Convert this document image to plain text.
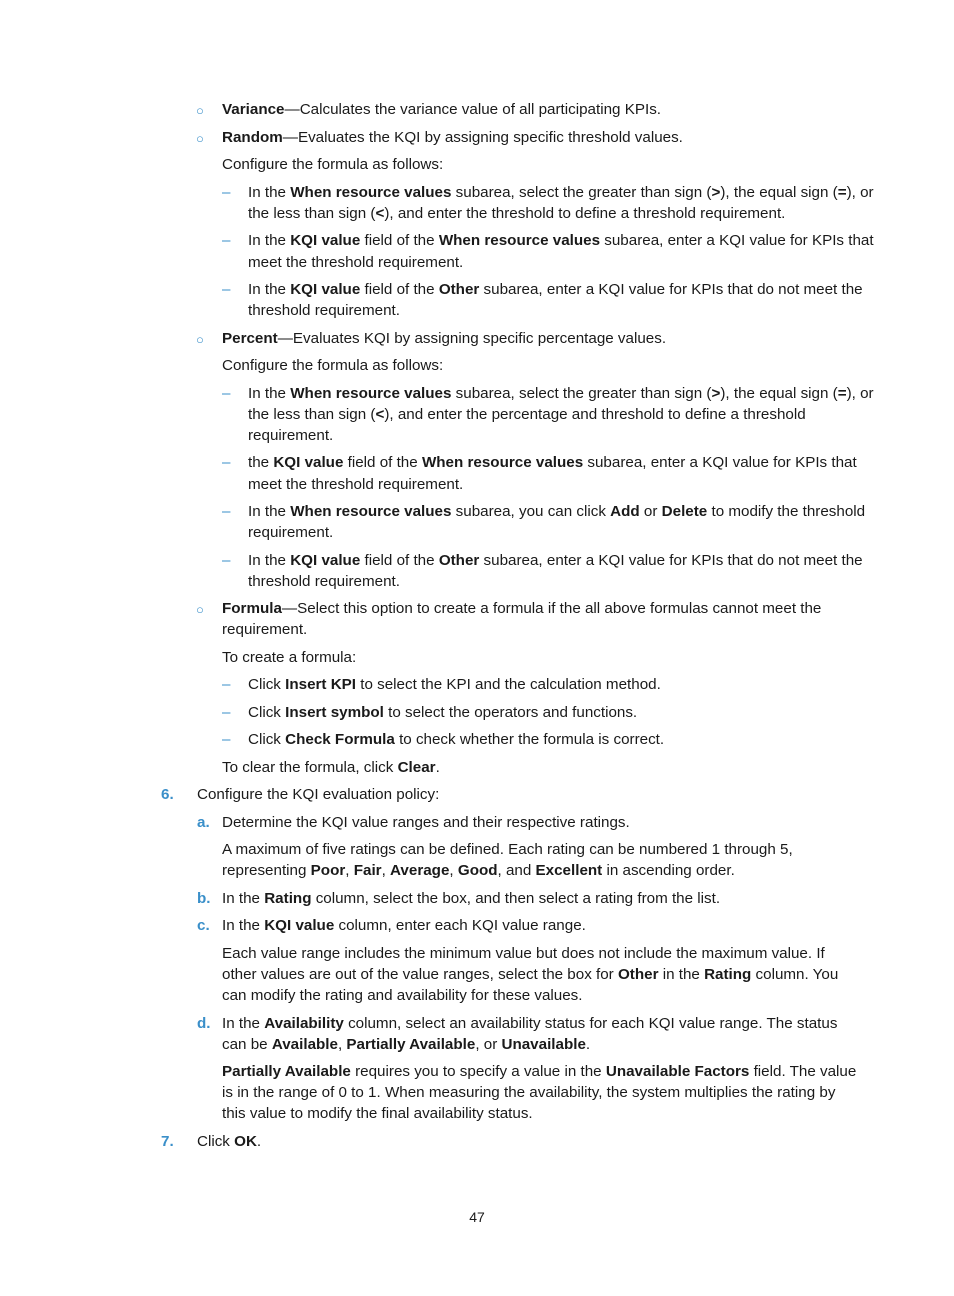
○ Variance—Calculates the variance value of all participating KPIs.
○ Random—Evaluates the KQI by assigning specific threshold values.
Configure the formula as follows:
– In the When resource values subarea, select the greater than sign (>), the equal sign (=), or
the less than sign (<), and enter the threshold to define a threshold requirement.
– In the KQI value field of the When resource values subarea, enter a KQI value for KPIs that
meet the threshold requirement.
– In the KQI value field of the Other subarea, enter a KQI value for KPIs that do not meet the
threshold requirement.
○ Percent—Evaluates KQI by assigning specific percentage values.
Configure the formula as follows:
– In the When resource values subarea, select the greater than sign (>), the equal sign (=), or
the less than sign (<), and enter the percentage and threshold to define a threshold
requirement.
– the KQI value field of the When resource values subarea, enter a KQI value for KPIs that
meet the threshold requirement.
– In the When resource values subarea, you can click Add or Delete to modify the threshold
requirement.
– In the KQI value field of the Other subarea, enter a KQI value for KPIs that do not meet the
threshold requirement.
○ Formula—Select this option to create a formula if the all above formulas cannot meet the
requirement.
To create a formula:
– Click Insert KPI to select the KPI and the calculation method.
– Click Insert symbol to select the operators and functions.
– Click Check Formula to check whether the formula is correct.
To clear the formula, click Clear.
6. Configure the KQI evaluation policy:
a. Determine the KQI value ranges and their respective ratings.
A maximum of five ratings can be defined. Each rating can be numbered 1 through 5,
representing Poor, Fair, Average, Good, and Excellent in ascending order.
b. In the Rating column, select the box, and then select a rating from the list.
c. In the KQI value column, enter each KQI value range.
Each value range includes the minimum value but does not include the maximum value. If
other values are out of the value ranges, select the box for Other in the Rating column. You
can modify the rating and availability for these values.
d. In the Availability column, select an availability status for each KQI value range. The status
can be Available, Partially Available, or Unavailable.
Partially Available requires you to specify a value in the Unavailable Factors field. The value
is in the range of 0 to 1. When measuring the availability, the system multiplies the rating by
this value to modify the final availability status.
7. Click OK.
47
